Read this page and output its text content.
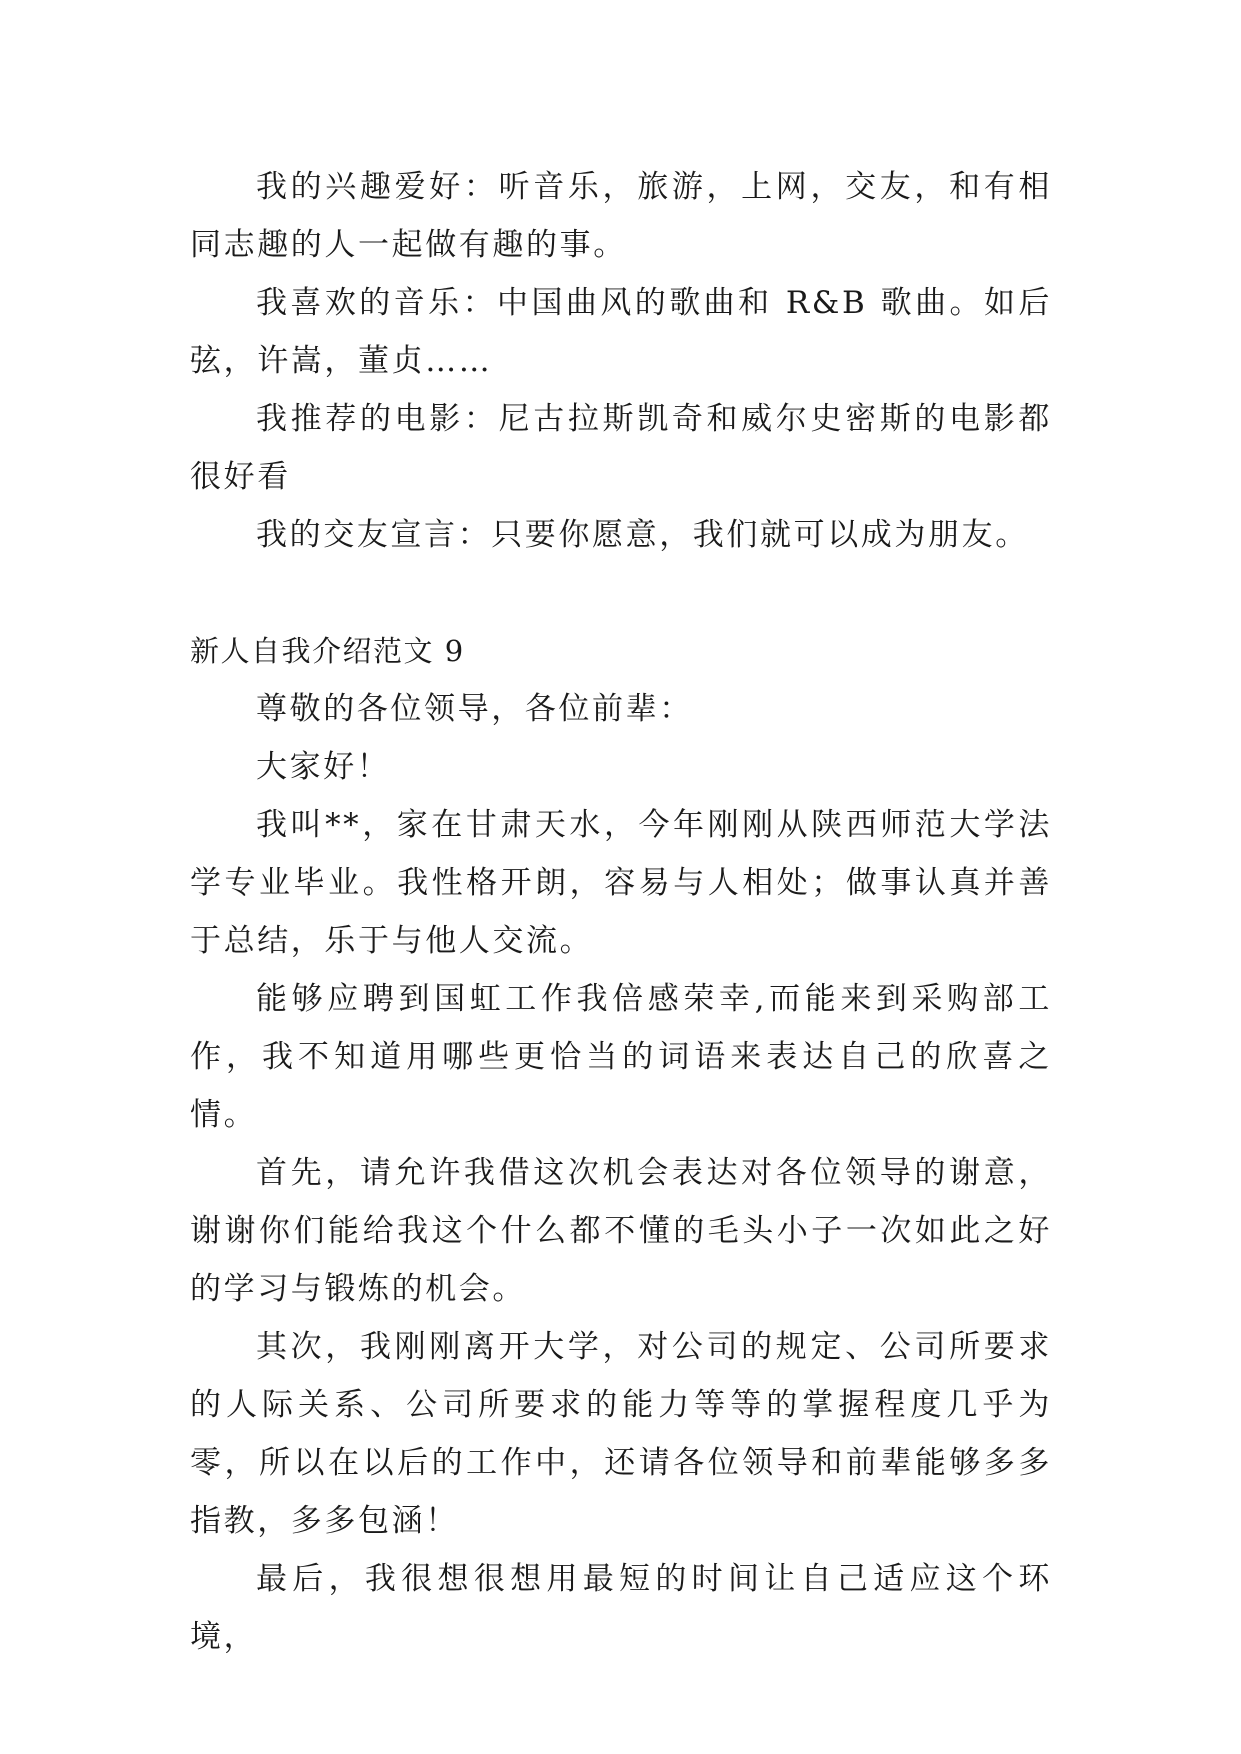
我的兴趣爱好：听音乐，旅游，上网，交友，和有相同志趣的人一起做有趣的事。

我喜欢的音乐：中国曲风的歌曲和 R&B 歌曲。如后弦，许嵩，董贞……

我推荐的电影：尼古拉斯凯奇和威尔史密斯的电影都很好看

我的交友宣言：只要你愿意，我们就可以成为朋友。

新人自我介绍范文 9

尊敬的各位领导，各位前辈：

大家好！

我叫**，家在甘肃天水，今年刚刚从陕西师范大学法学专业毕业。我性格开朗，容易与人相处；做事认真并善于总结，乐于与他人交流。

能够应聘到国虹工作我倍感荣幸,而能来到采购部工作，我不知道用哪些更恰当的词语来表达自己的欣喜之情。

首先，请允许我借这次机会表达对各位领导的谢意，谢谢你们能给我这个什么都不懂的毛头小子一次如此之好的学习与锻炼的机会。

其次，我刚刚离开大学，对公司的规定、公司所要求的人际关系、公司所要求的能力等等的掌握程度几乎为零，所以在以后的工作中，还请各位领导和前辈能够多多指教，多多包涵！

最后，我很想很想用最短的时间让自己适应这个环境，
